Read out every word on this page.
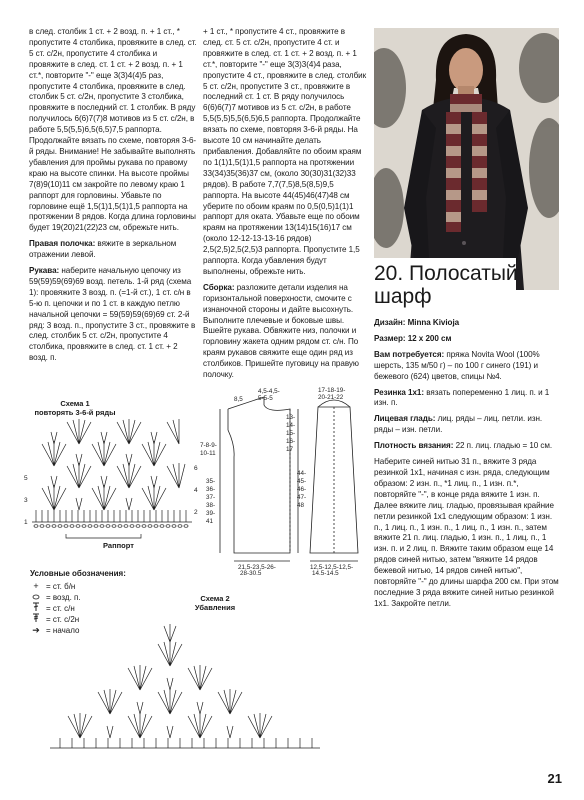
в след. столбик 1 ст. + 2 возд. п. + 1 ст., * пропустите 4 столбика, провяжите в след. ст. 5 ст. с/2н, пропустите 4 столбика и провяжите в след. ст. 1 ст. + 2 возд. п. + 1 ст.*, повторите "-" еще 3(3)4(4)5 раз, пропустите 4 столбика, провяжите в след. столбик 5 ст. с/2н, пропустите 3 столбика, провяжите в последний ст. 1 столбик. В ряду получилось 6(6)7(7)8 мотивов из 5 ст. с/2н, в работе 5,5(5,5)6,5(6,5)7,5 раппорта. Продолжайте вязать по схеме, повторяя 3-6-й ряды. Внимание! Не забывайте выполнять убавления для проймы рукава по правому краю на высоте спинки. На высоте проймы 7(8)9(10)11 см закройте по левому краю 1 раппорт для горловины. Убавьте по горловине ещё 1,5(1)1,5(1)1,5 раппорта на протяжении 8 рядов. Когда длина горловины будет 19(20)21(22)23 см, обрежьте нить.

Правая полочка: вяжите в зеркальном отражении левой.

Рукава: наберите начальную цепочку из 59(59)59(69)69 возд. петель. 1-й ряд (схема 1): провяжите 3 возд. п. (=1-й ст.), 1 ст. с/н в 5-ю п. цепочки и по 1 ст. в каждую петлю начальной цепочки = 59(59)59(69)69 ст. 2-й ряд: 3 возд. п., пропустите 3 ст., провяжите в след. столбик 5 ст. с/2н, пропустите 4 столбика, провяжите в след. ст. 1 ст. + 2 возд. п.

+ 1 ст., * пропустите 4 ст., провяжите в след. ст. 5 ст. с/2н, пропустите 4 ст. и провяжите в след. ст. 1 ст. + 2 возд. п. + 1 ст.*, повторите "-" еще 3(3)3(4)4 раза, пропустите 4 ст., провяжите в след. столбик 5 ст. с/2н, пропустите 3 ст., провяжите в последний ст. 1 ст. В ряду получилось 6(6)6(7)7 мотивов из 5 ст. с/2н, в работе 5,5(5,5)5,5(6,5)6,5 раппорта. Продолжайте вязать по схеме, повторяя 3-6-й ряды. На высоте 10 см начинайте делать прибавления. Добавляйте по обоим краям по 1(1)1,5(1)1,5 раппорта на протяжении 33(34)35(36)37 см, (около 30(30)31(32)33 рядов). В работе 7,7(7,5)8,5(8,5)9,5 раппорта. На высоте 44(45)46(47)48 см уберите по обоим краям по 0,5(0,5)1(1)1 раппорт для оката. Убавьте еще по обоим краям на протяжении 13(14)15(16)17 см (около 12-12-13-13-16 рядов) 2,5(2,5)2,5(2,5)3 раппорта. Пропустите 1,5 раппорта. Когда убавления будут выполнены, обрежьте нить.

Сборка: разложите детали изделия на горизонтальной поверхности, смочите с изнаночной стороны и дайте высохнуть. Выполните плечевые и боковые швы. Вшейте рукава. Обвяжите низ, полочки и горловину жакета одним рядом ст. с/н. По краям рукавов свяжите еще один ряд из столбиков. Пришейте пуговицу на правую полочку.

20. Полосатый шарф

Дизайн: Minna Kivioja

Размер: 12 х 200 см

Вам потребуется: пряжа Novita Wool (100% шерсть, 135 м/50 г) – по 100 г синего (191) и бежевого (624) цветов, спицы №4.

Резинка 1х1: вязать попеременно 1 лиц. п. и 1 изн. п.

Лицевая гладь: лиц. ряды – лиц. петли. изн. ряды – изн. петли.

Плотность вязания: 22 п. лиц. гладью = 10 см.

Наберите синей нитью 31 п., вяжите 3 ряда резинкой 1х1, начиная с изн. ряда, следующим образом: 2 изн. п., *1 лиц. п., 1 изн. п.*, повторяйте "-", в конце ряда вяжите 1 изн. п. Далее вяжите лиц. гладью, провязывая крайние петли резинкой 1х1 следующим образом: 1 изн. п., 1 лиц. п., 1 изн. п., 1 лиц. п., 1 изн. п., затем вяжите 21 п. лиц. гладью, 1 изн. п., 1 лиц. п., 1 изн. п. и 2 лиц. п. Вяжите таким образом еще 14 рядов синей нитью, затем "вяжите 14 рядов бежевой нитью, 14 рядов синей нитью", повторяйте "-" до длины шарфа 200 см. При этом последние 3 ряда вяжите синей нитью резинкой 1х1. Закройте петли.

Схема 1
повторять 3-6-й ряды
2
4
6
1
3
5
Раппорт
Условные обозначения:
+ = ст. б/н
= возд. п.
= ст. с/н
= ст. с/2н
➔ = начало
Схема 2
Убавления
8,5
4,5-4,5-
5-5-5
17-18-19-
20-21-22
13-
14-
15-
16-
17
7-8-9-
10-11
35-
36-
37-
38-
39-
41
44-
45-
46-
47-
48
21,5-23,5-26-
28-30,5
12,5-12,5-12,5-
14,5-14,5
21
